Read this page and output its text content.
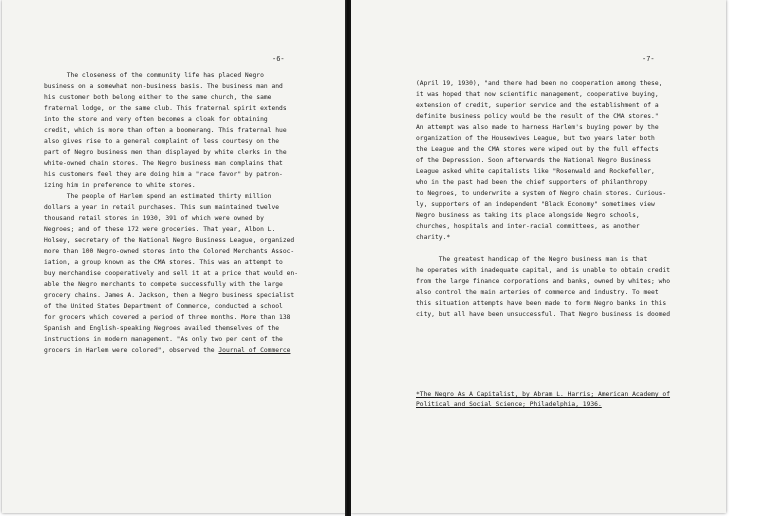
-6-
The closeness of the community life has placed Negro
business on a somewhat non-business basis. The business man and
his customer both belong either to the same church, the same
fraternal lodge, or the same club. This fraternal spirit extends
into the store and very often becomes a cloak for obtaining
credit, which is more than often a boomerang. This fraternal hue
also gives rise to a general complaint of less courtesy on the
part of Negro business men than displayed by white clerks in the
white-owned chain stores. The Negro business man complains that
his customers feel they are doing him a "race favor" by patron-
izing him in preference to white stores.
The people of Harlem spend an estimated thirty million
dollars a year in retail purchases. This sum maintained twelve
thousand retail stores in 1930, 391 of which were owned by
Negroes; and of these 172 were groceries. That year, Albon L.
Holsey, secretary of the National Negro Business League, organized
more than 100 Negro-owned stores into the Colored Merchants Assoc-
iation, a group known as the CMA stores. This was an attempt to
buy merchandise cooperatively and sell it at a price that would en-
able the Negro merchants to compete successfully with the large
grocery chains. James A. Jackson, then a Negro business specialist
of the United States Department of Commerce, conducted a school
for grocers which covered a period of three months. More than 138
Spanish and English-speaking Negroes availed themselves of the
instructions in modern management. "As only two per cent of the
grocers in Harlem were colored", observed the Journal of Commerce
-7-
(April 19, 1930), "and there had been no cooperation among these,
it was hoped that now scientific management, cooperative buying,
extension of credit, superior service and the establishment of a
definite business policy would be the result of the CMA stores."
An attempt was also made to harness Harlem's buying power by the
organization of the Housewives League, but two years later both
the League and the CMA stores were wiped out by the full effects
of the Depression. Soon afterwards the National Negro Business
League asked white capitalists like "Rosenwald and Rockefeller,
who in the past had been the chief supporters of philanthropy
to Negroes, to underwrite a system of Negro chain stores. Curious-
ly, supporters of an independent "Black Economy" sometimes view
Negro business as taking its place alongside Negro schools,
churches, hospitals and inter-racial committees, as another
charity.*
The greatest handicap of the Negro business man is that
he operates with inadequate capital, and is unable to obtain credit
from the large finance corporations and banks, owned by whites; who
also control the main arteries of commerce and industry. To meet
this situation attempts have been made to form Negro banks in this
city, but all have been unsuccessful. That Negro business is doomed
*The Negro As A Capitalist, by Abram L. Harris; American Academy of
Political and Social Science; Philadelphia, 1936.
